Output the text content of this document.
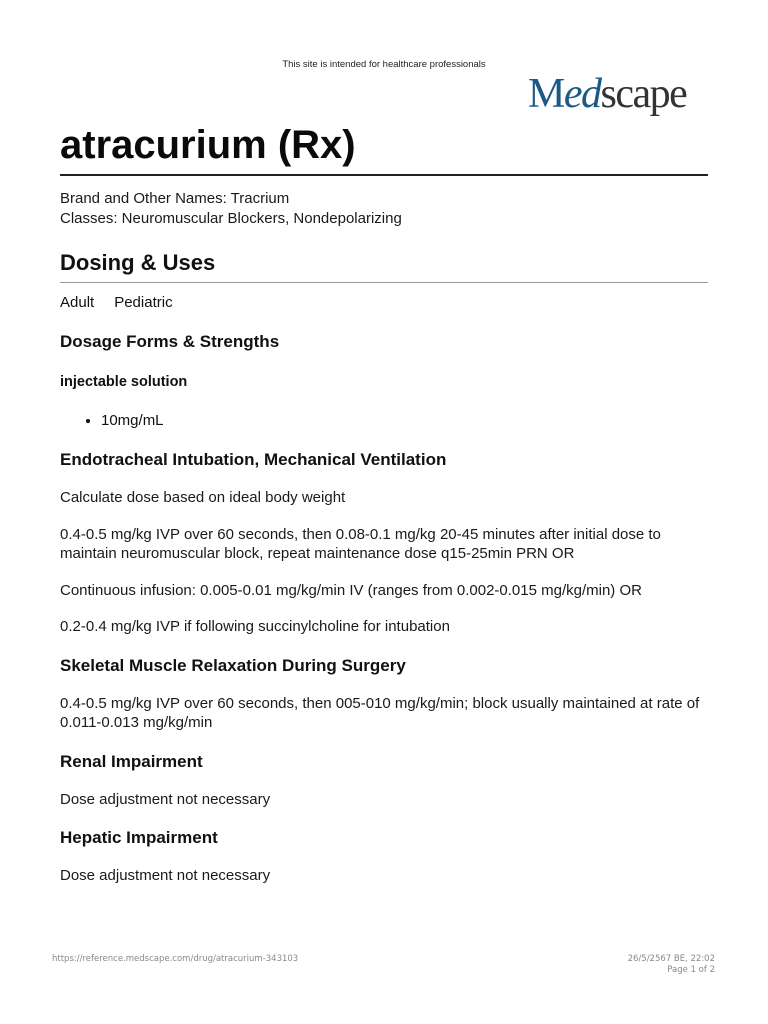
This site is intended for healthcare professionals
Medscape
atracurium (Rx)
Brand and Other Names: Tracrium
Classes: Neuromuscular Blockers, Nondepolarizing
Dosing & Uses
Adult Pediatric
Dosage Forms & Strengths
injectable solution
• 10mg/mL
Endotracheal Intubation, Mechanical Ventilation

Calculate dose based on ideal body weight

0.4-0.5 mg/kg IVP over 60 seconds, then 0.08-0.1 mg/kg 20-45 minutes after initial dose to maintain neuromuscular block, repeat maintenance dose q15-25min PRN OR

Continuous infusion: 0.005-0.01 mg/kg/min IV (ranges from 0.002-0.015 mg/kg/min) OR

0.2-0.4 mg/kg IVP if following succinylcholine for intubation

Skeletal Muscle Relaxation During Surgery

0.4-0.5 mg/kg IVP over 60 seconds, then 005-010 mg/kg/min; block usually maintained at rate of 0.011-0.013 mg/kg/min

Renal Impairment

Dose adjustment not necessary

Hepatic Impairment

Dose adjustment not necessary

https://reference.medscape.com/drug/atracurium-343103	26/5/2567 BE, 22:02
Page 1 of 2
